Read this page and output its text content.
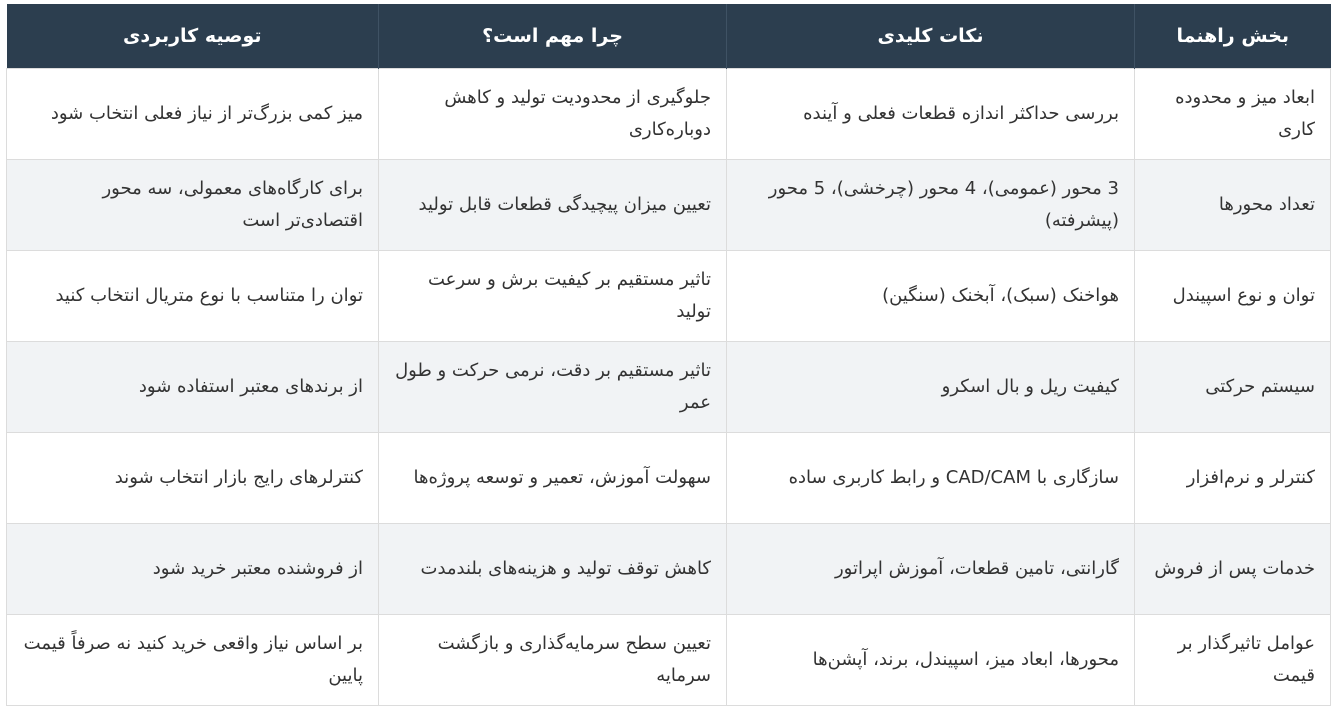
بخش راهنما	نکات کلیدی	چرا مهم است؟	توصیه کاربردی
ابعاد میز و محدوده کاری	بررسی حداکثر اندازه قطعات فعلی و آینده	جلوگیری از محدودیت تولید و کاهش دوباره‌کاری	میز کمی بزرگ‌تر از نیاز فعلی انتخاب شود
تعداد محورها	3 محور (عمومی)، 4 محور (چرخشی)، 5 محور (پیشرفته)	تعیین میزان پیچیدگی قطعات قابل تولید	برای کارگاه‌های معمولی، سه محور اقتصادی‌تر است
توان و نوع اسپیندل	هواخنک (سبک)، آبخنک (سنگین)	تاثیر مستقیم بر کیفیت برش و سرعت تولید	توان را متناسب با نوع متریال انتخاب کنید
سیستم حرکتی	کیفیت ریل و بال اسکرو	تاثیر مستقیم بر دقت، نرمی حرکت و طول عمر	از برندهای معتبر استفاده شود
کنترلر و نرم‌افزار	سازگاری با CAD/CAM و رابط کاربری ساده	سهولت آموزش، تعمیر و توسعه پروژه‌ها	کنترلرهای رایج بازار انتخاب شوند
خدمات پس از فروش	گارانتی، تامین قطعات، آموزش اپراتور	کاهش توقف تولید و هزینه‌های بلندمدت	از فروشنده معتبر خرید شود
عوامل تاثیرگذار بر قیمت	محورها، ابعاد میز، اسپیندل، برند، آپشن‌ها	تعیین سطح سرمایه‌گذاری و بازگشت سرمایه	بر اساس نیاز واقعی خرید کنید نه صرفاً قیمت پایین
